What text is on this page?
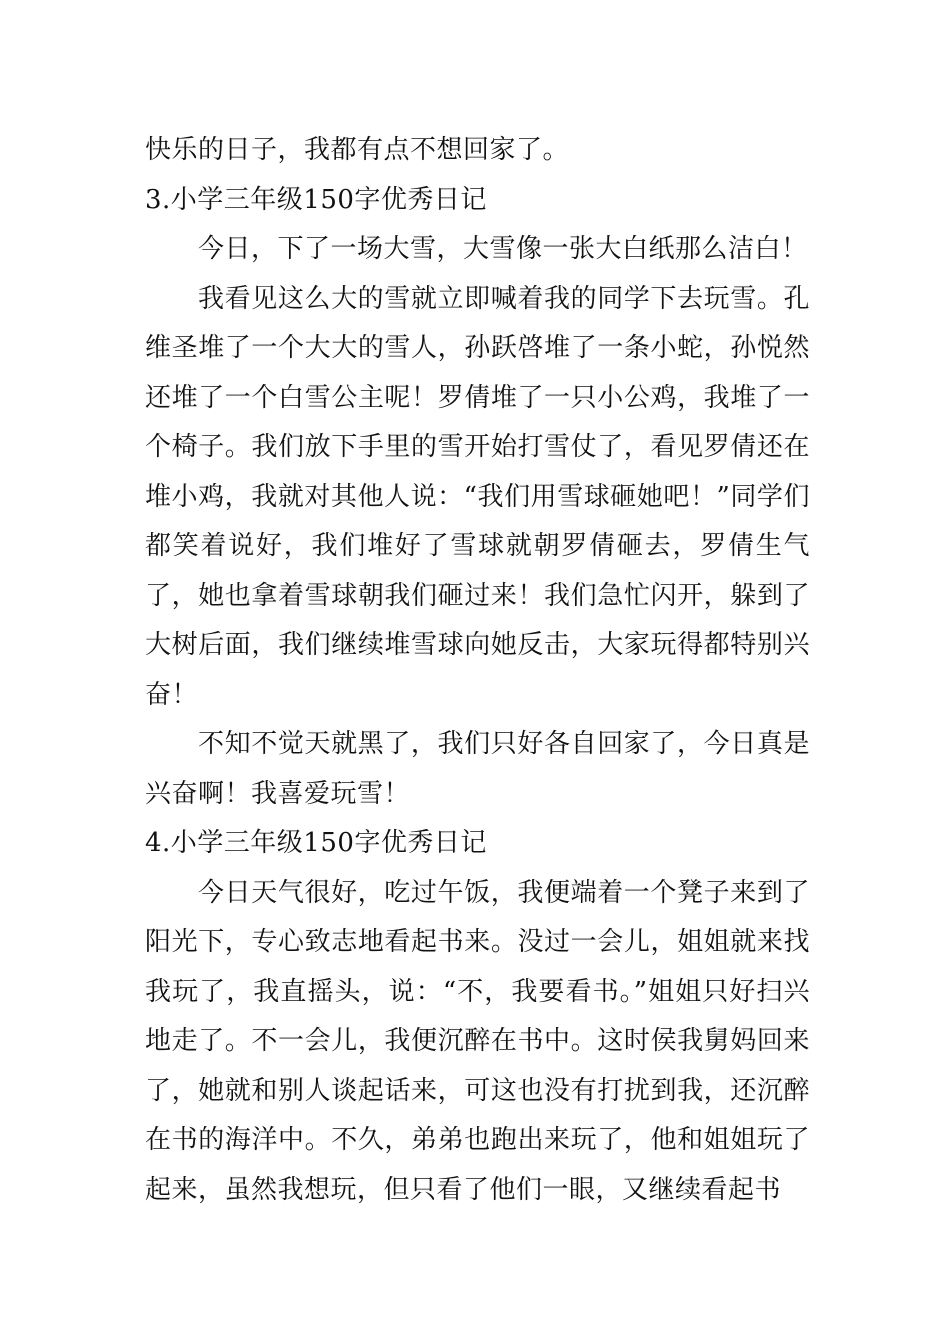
快乐的日子，我都有点不想回家了。

3.小学三年级150字优秀日记

今日，下了一场大雪，大雪像一张大白纸那么洁白！

我看见这么大的雪就立即喊着我的同学下去玩雪。孔维圣堆了一个大大的雪人，孙跃啓堆了一条小蛇，孙悦然还堆了一个白雪公主呢！罗倩堆了一只小公鸡，我堆了一个椅子。我们放下手里的雪开始打雪仗了，看见罗倩还在堆小鸡，我就对其他人说：“我们用雪球砸她吧！”同学们都笑着说好，我们堆好了雪球就朝罗倩砸去，罗倩生气了，她也拿着雪球朝我们砸过来！我们急忙闪开，躲到了大树后面，我们继续堆雪球向她反击，大家玩得都特别兴奋！

不知不觉天就黑了，我们只好各自回家了，今日真是兴奋啊！我喜爱玩雪！

4.小学三年级150字优秀日记

今日天气很好，吃过午饭，我便端着一个凳子来到了阳光下，专心致志地看起书来。没过一会儿，姐姐就来找我玩了，我直摇头，说：“不，我要看书。”姐姐只好扫兴地走了。不一会儿，我便沉醉在书中。这时侯我舅妈回来了，她就和别人谈起话来，可这也没有打扰到我，还沉醉在书的海洋中。不久，弟弟也跑出来玩了，他和姐姐玩了起来，虽然我想玩，但只看了他们一眼，又继续看起书
